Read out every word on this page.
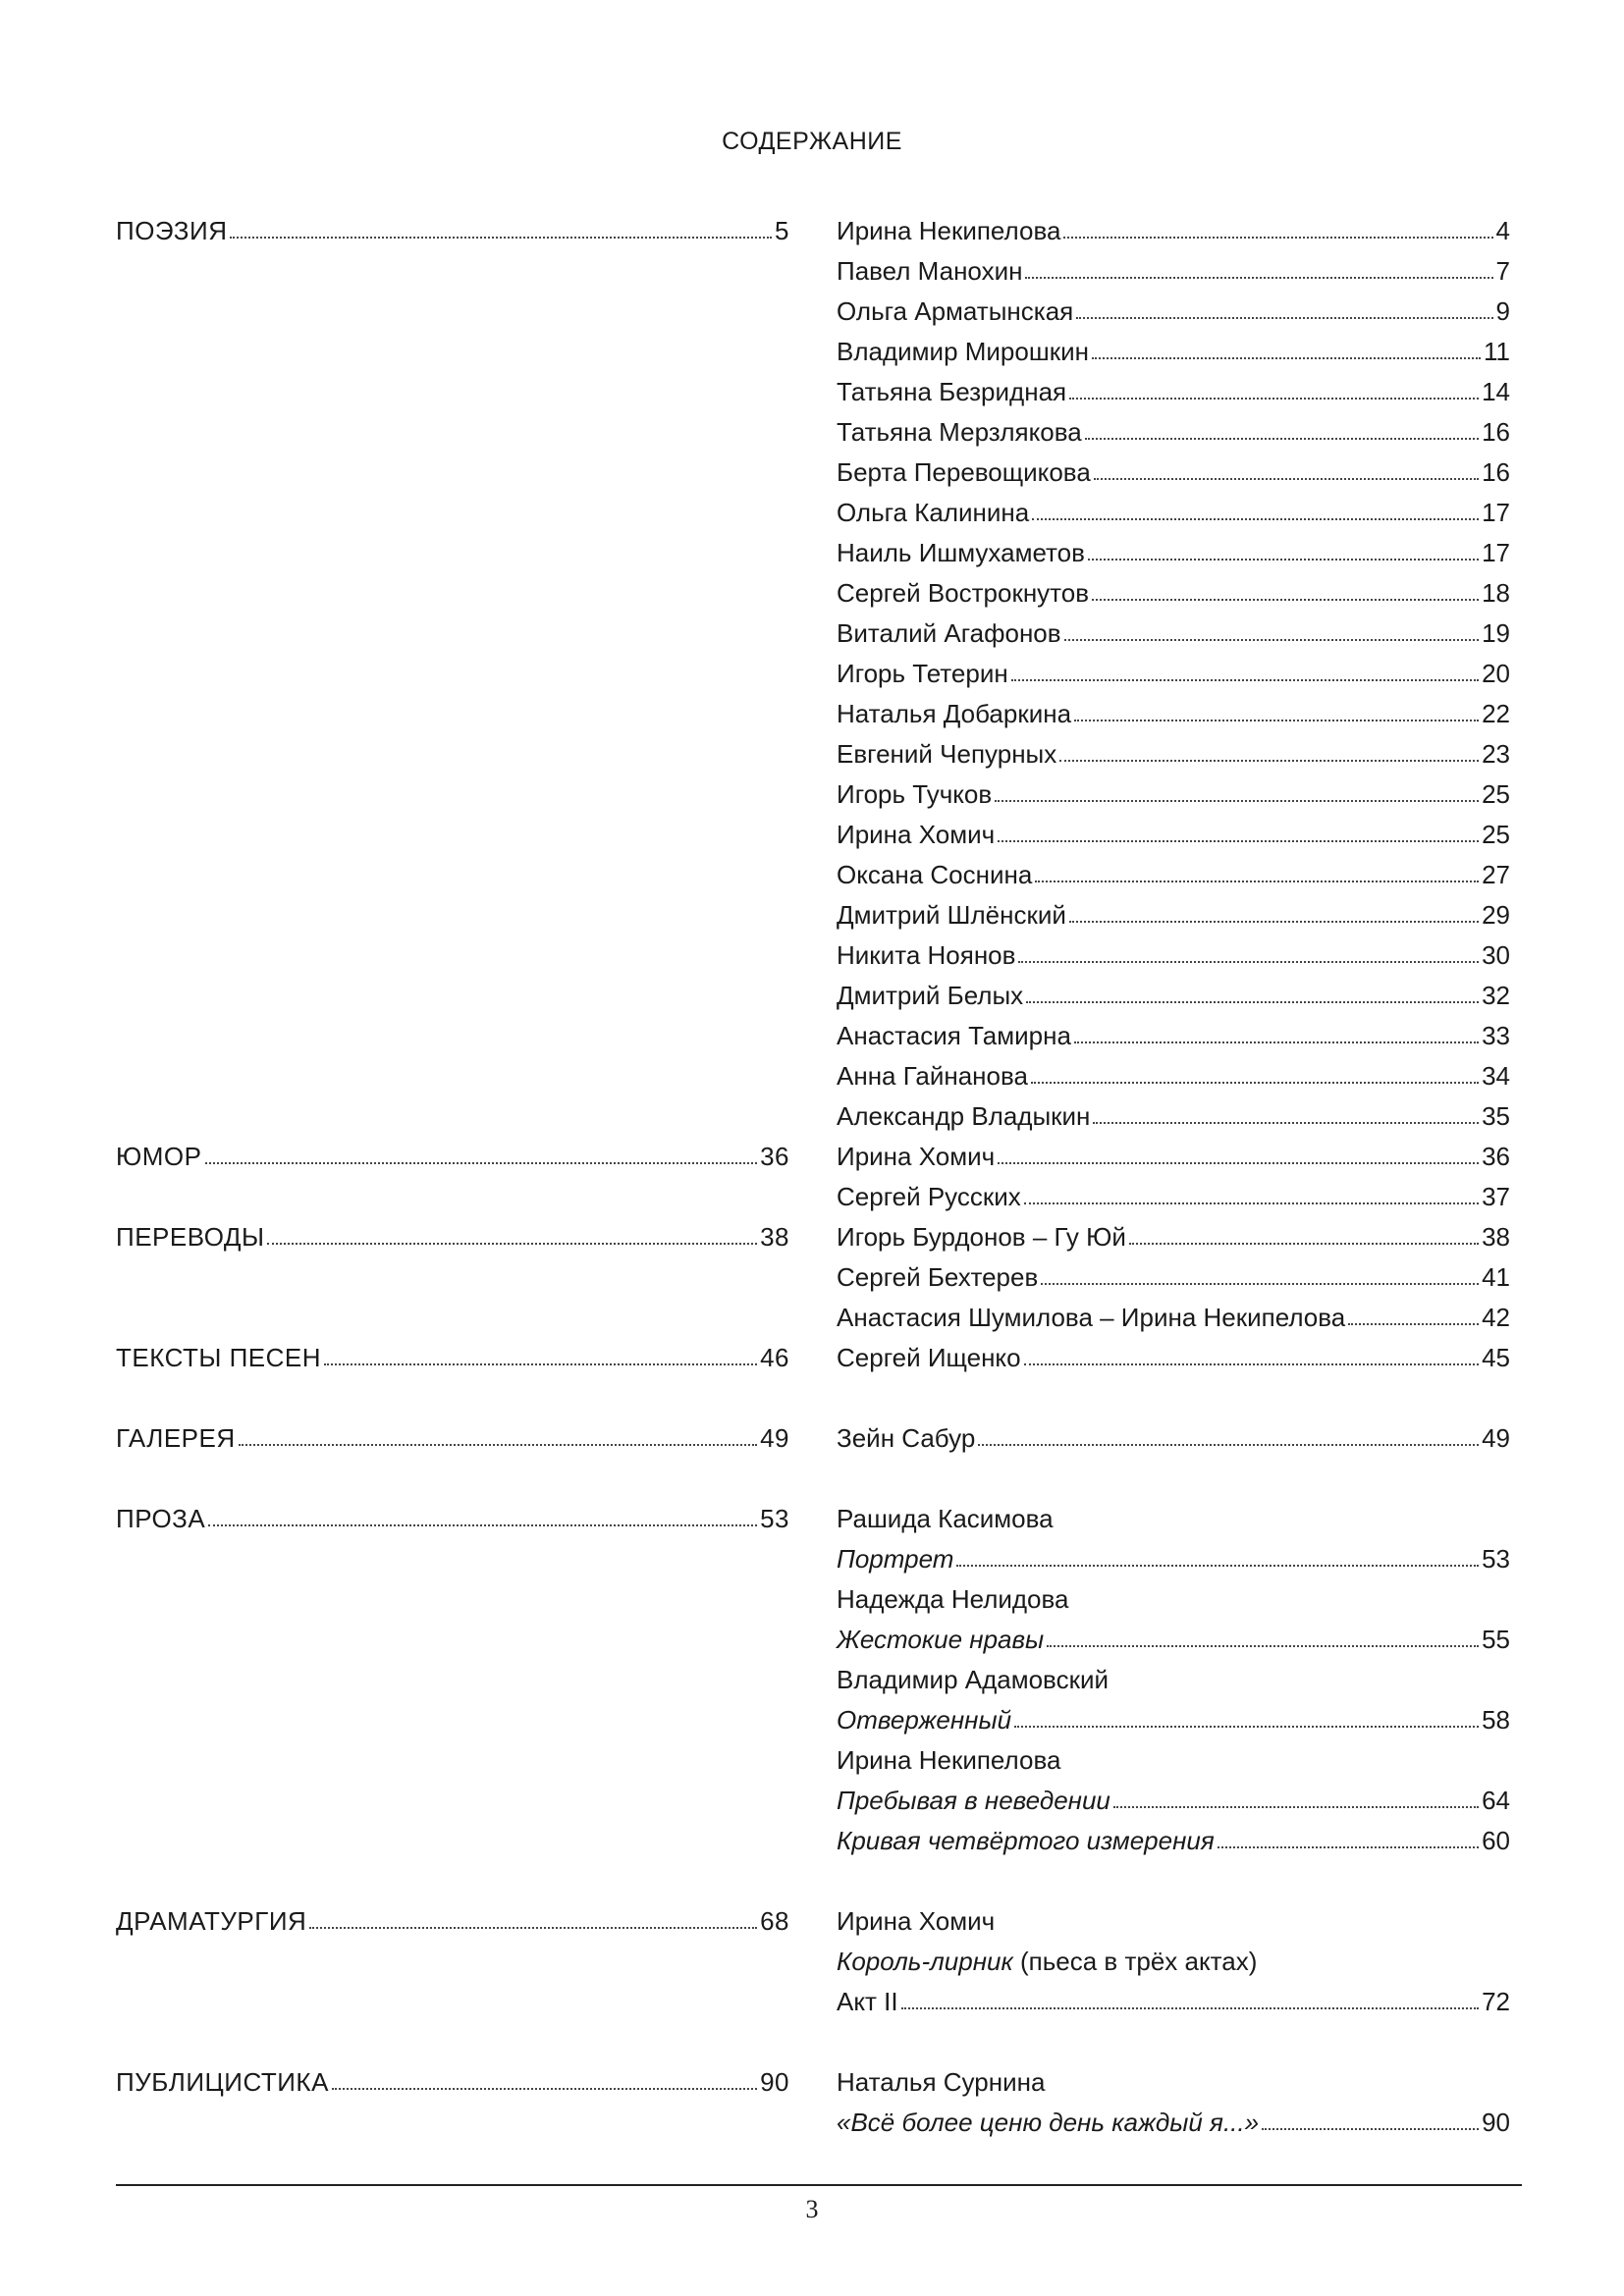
СОДЕРЖАНИЕ
ПОЭЗИЯ	5
ЮМОР	36
ПЕРЕВОДЫ	38
ТЕКСТЫ ПЕСЕН	46
ГАЛЕРЕЯ	49
ПРОЗА	53
ДРАМАТУРГИЯ	68
ПУБЛИЦИСТИКА	90
Ирина Некипелова	4
Павел Манохин	7
Ольга Арматынская	9
Владимир Мирошкин	11
Татьяна Безридная	14
Татьяна Мерзлякова	16
Берта Перевощикова	16
Ольга Калинина	17
Наиль Ишмухаметов	17
Сергей Вострокнутов	18
Виталий Агафонов	19
Игорь Тетерин	20
Наталья Добаркина	22
Евгений Чепурных	23
Игорь Тучков	25
Ирина Хомич	25
Оксана Соснина	27
Дмитрий Шлёнский	29
Никита Ноянов	30
Дмитрий Белых	32
Анастасия Тамирна	33
Анна Гайнанова	34
Александр Владыкин	35
Ирина Хомич	36
Сергей Русских	37
Игорь Бурдонов – Гу Юй	38
Сергей Бехтерев	41
Анастасия Шумилова – Ирина Некипелова	42
Сергей Ищенко	45
Зейн Сабур	49
Рашида Касимова
Портрет	53
Надежда Нелидова
Жестокие нравы	55
Владимир Адамовский
Отверженный	58
Ирина Некипелова
Пребывая в неведении	64
Кривая четвёртого измерения	60
Ирина Хомич
Король-лирник (пьеса в трёх актах)
Акт II	72
Наталья Сурнина
«Всё более ценю день каждый я...»	90
3
